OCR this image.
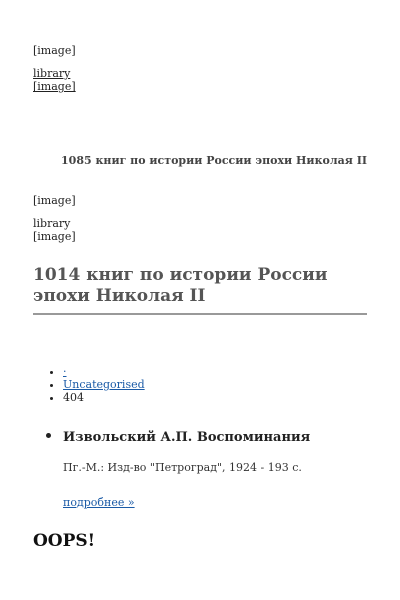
[image]
library
[image]
1085 книг по истории России эпохи Николая II
[image]
library
[image]
1014 книг по истории России эпохи Николая II
• ·
• Uncategorised
• 404
• Извольский А.П. Воспоминания

Пг.-М.: Изд-во "Петроград", 1924 - 193 с.

подробнее »
OOPS!
